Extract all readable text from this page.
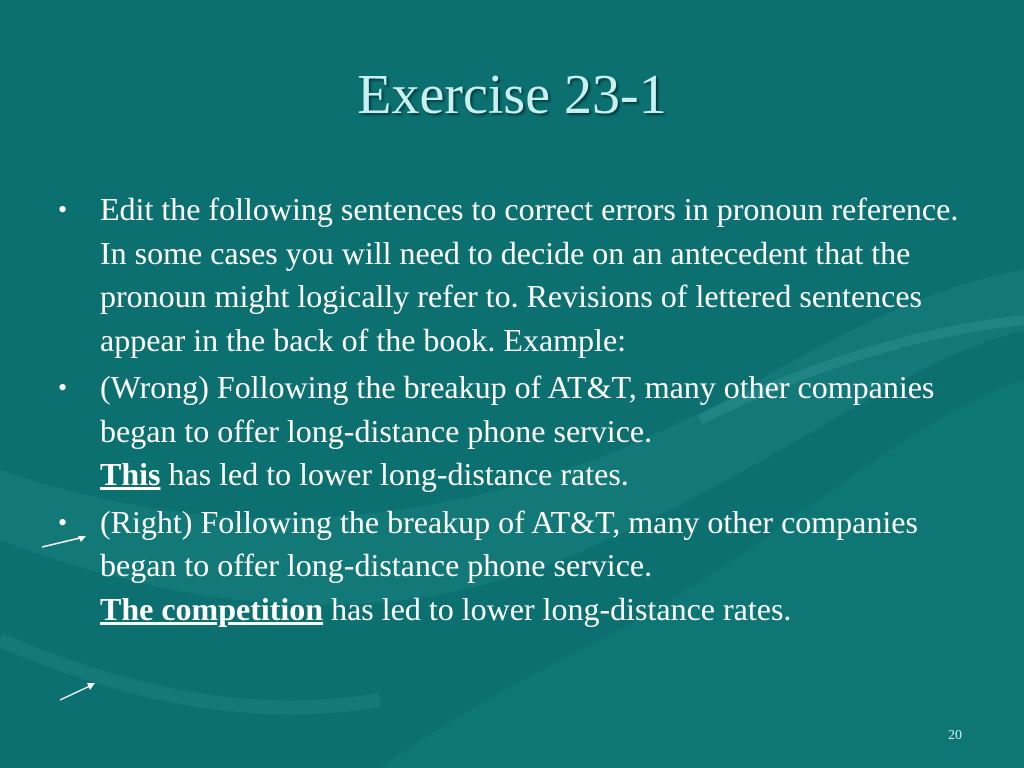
Exercise 23-1
•	Edit the following sentences to correct errors in pronoun reference. In some cases you will need to decide on an antecedent that the pronoun might logically refer to. Revisions of lettered sentences appear in the back of the book. Example:
•	(Wrong) Following the breakup of AT&T, many other companies began to offer long-distance phone service.
This has led to lower long-distance rates.
•	(Right) Following the breakup of AT&T, many other companies began to offer long-distance phone service.
The competition has led to lower long-distance rates.
20
